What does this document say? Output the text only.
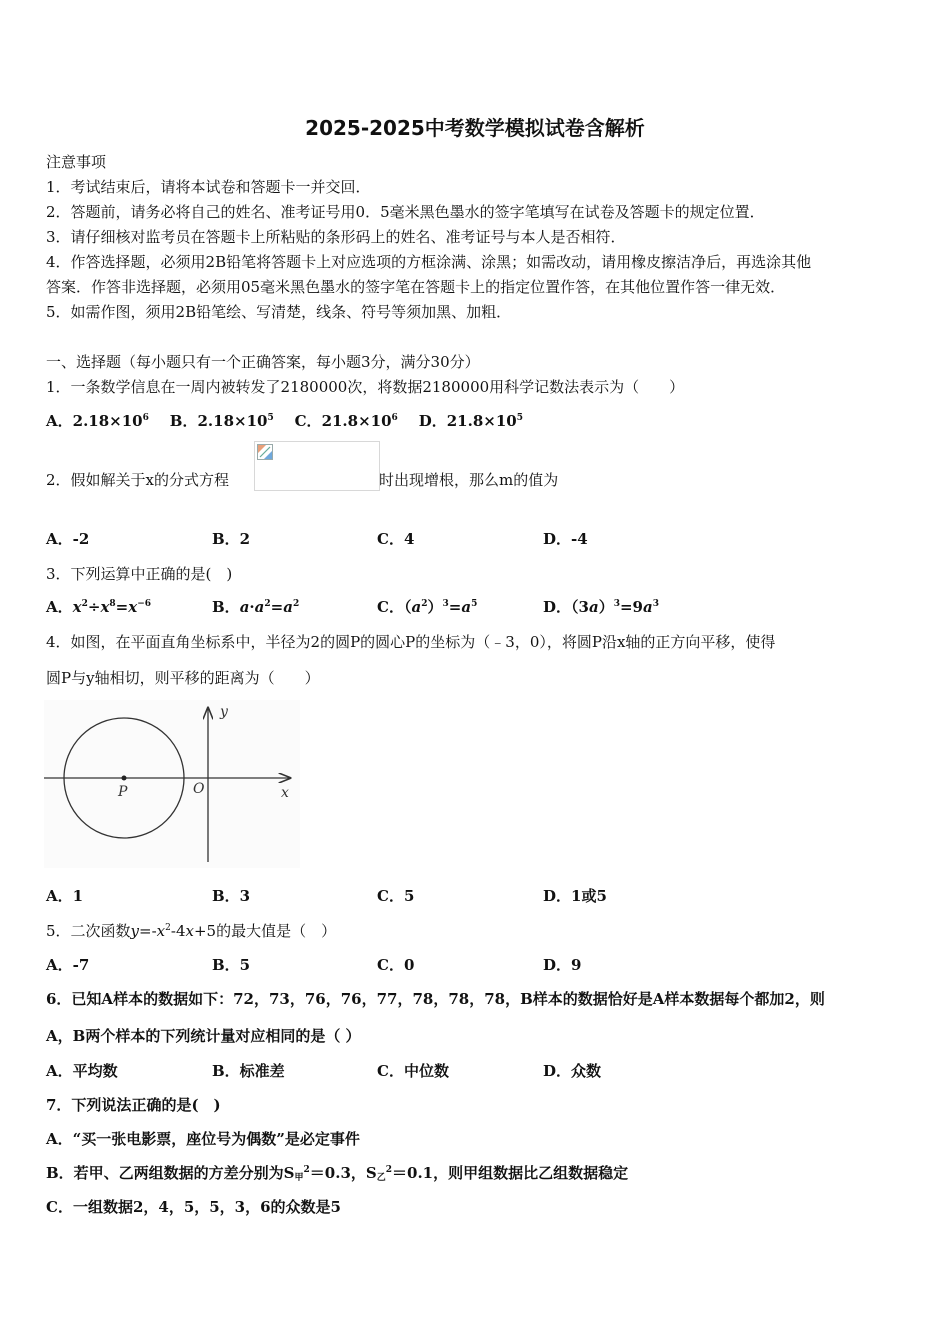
2025-2025中考数学模拟试卷含解析
注意事项
1．考试结束后，请将本试卷和答题卡一并交回．
2．答题前，请务必将自己的姓名、准考证号用0．5毫米黑色墨水的签字笔填写在试卷及答题卡的规定位置．
3．请仔细核对监考员在答题卡上所粘贴的条形码上的姓名、准考证号与本人是否相符．
4．作答选择题，必须用2B铅笔将答题卡上对应选项的方框涂满、涂黑；如需改动，请用橡皮擦洁净后，再选涂其他
答案．作答非选择题，必须用05毫米黑色墨水的签字笔在答题卡上的指定位置作答，在其他位置作答一律无效．
5．如需作图，须用2B铅笔绘、写清楚，线条、符号等须加黑、加粗．
一、选择题（每小题只有一个正确答案，每小题3分，满分30分）
1．一条数学信息在一周内被转发了2180000次，将数据2180000用科学记数法表示为（　　）
A．$2.18\times 10^6$ B．$2.18\times 10^5$ C．$21.8\times 10^6$ D．$21.8\times 10^5$
2．假如解关于x的分式方程	时出现增根，那么m的值为
A．-2	B．2	C．4	D．-4
3．下列运算中正确的是(　)
A．$x^2\div x^8=x^{-6}$	B．$a\cdot a^2=a^2$	C．$(a^2)^3=a^5$	D．$(3a)^3=9a^3$
4．如图，在平面直角坐标系中，半径为2的圆P的圆心P的坐标为（﹣3，0），将圆P沿x轴的正方向平移，使得
圆P与y轴相切，则平移的距离为（　　）
y
x
O
P
A．1	B．3	C．5	D．1或5
5．二次函数$y=-x^2-4x+5$的最大值是（　）
A．-7	B．5	C．0	D．9
6．已知A样本的数据如下：72，73，76，76，77，78，78，78，B样本的数据恰好是A样本数据每个都加2，则
A，B两个样本的下列统计量对应相同的是（ ）
A．平均数	B．标准差	C．中位数	D．众数
7．下列说法正确的是(　)
A．“买一张电影票，座位号为偶数”是必定事件
B．若甲、乙两组数据的方差分别为$S_甲^2=0.3$，$S_乙^2=0.1$，则甲组数据比乙组数据稳定
C．一组数据2，4，5，5，3，6的众数是5
